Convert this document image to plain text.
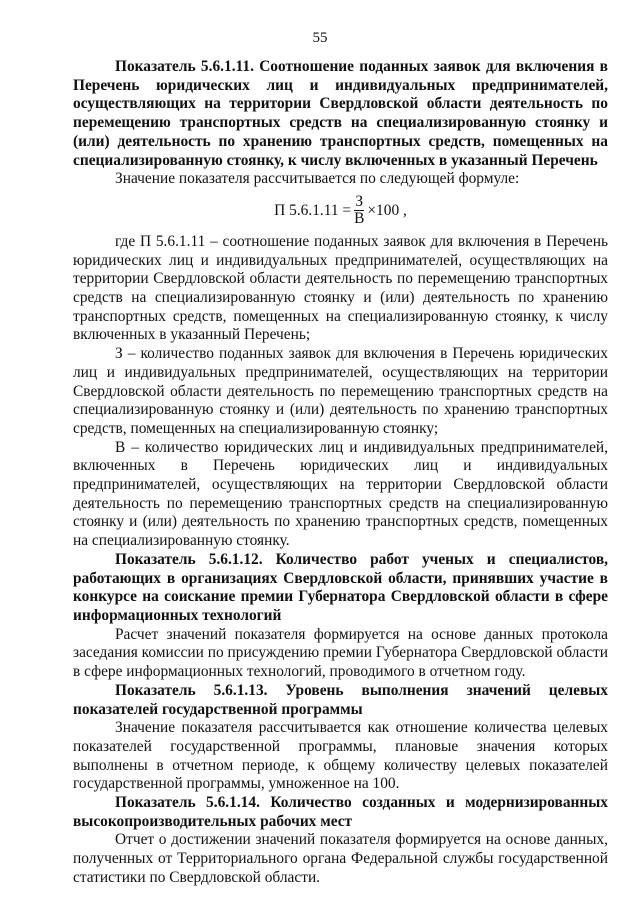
55

Показатель 5.6.1.11. Соотношение поданных заявок для включения в Перечень юридических лиц и индивидуальных предпринимателей, осуществляющих на территории Свердловской области деятельность по перемещению транспортных средств на специализированную стоянку и (или) деятельность по хранению транспортных средств, помещенных на специализированную стоянку, к числу включенных в указанный Перечень

Значение показателя рассчитывается по следующей формуле:

П $5.6.1.11 = \frac{З}{В} \times 100$ ,

где П 5.6.1.11 – соотношение поданных заявок для включения в Перечень юридических лиц и индивидуальных предпринимателей, осуществляющих на территории Свердловской области деятельность по перемещению транспортных средств на специализированную стоянку и (или) деятельность по хранению транспортных средств, помещенных на специализированную стоянку, к числу включенных в указанный Перечень;

З – количество поданных заявок для включения в Перечень юридических лиц и индивидуальных предпринимателей, осуществляющих на территории Свердловской области деятельность по перемещению транспортных средств на специализированную стоянку и (или) деятельность по хранению транспортных средств, помещенных на специализированную стоянку;

В – количество юридических лиц и индивидуальных предпринимателей, включенных в Перечень юридических лиц и индивидуальных предпринимателей, осуществляющих на территории Свердловской области деятельность по перемещению транспортных средств на специализированную стоянку и (или) деятельность по хранению транспортных средств, помещенных на специализированную стоянку.

Показатель 5.6.1.12. Количество работ ученых и специалистов, работающих в организациях Свердловской области, принявших участие в конкурсе на соискание премии Губернатора Свердловской области в сфере информационных технологий

Расчет значений показателя формируется на основе данных протокола заседания комиссии по присуждению премии Губернатора Свердловской области в сфере информационных технологий, проводимого в отчетном году.

Показатель 5.6.1.13. Уровень выполнения значений целевых показателей государственной программы

Значение показателя рассчитывается как отношение количества целевых показателей государственной программы, плановые значения которых выполнены в отчетном периоде, к общему количеству целевых показателей государственной программы, умноженное на 100.

Показатель 5.6.1.14. Количество созданных и модернизированных высокопроизводительных рабочих мест

Отчет о достижении значений показателя формируется на основе данных, полученных от Территориального органа Федеральной службы государственной статистики по Свердловской области.
